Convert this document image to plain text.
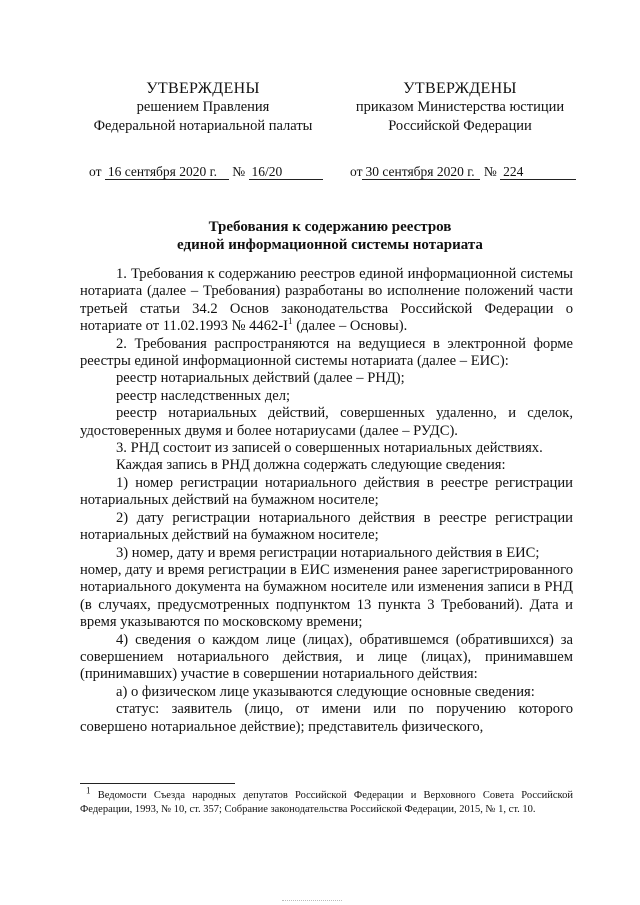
УТВЕРЖДЕНЫ
решением Правления
Федеральной нотариальной палаты
УТВЕРЖДЕНЫ
приказом Министерства юстиции
Российской Федерации
от 16 сентября 2020 г. № 16/20	от 30 сентября 2020 г. № 224
Требования к содержанию реестров
единой информационной системы нотариата

1. Требования к содержанию реестров единой информационной системы нотариата (далее – Требования) разработаны во исполнение положений части третьей статьи 34.2 Основ законодательства Российской Федерации о нотариате от 11.02.1993 № $4462-I^1$ (далее – Основы).

2. Требования распространяются на ведущиеся в электронной форме реестры единой информационной системы нотариата (далее – ЕИС):

реестр нотариальных действий (далее – РНД);

реестр наследственных дел;

реестр нотариальных действий, совершенных удаленно, и сделок, удостоверенных двумя и более нотариусами (далее – РУДС).

3. РНД состоит из записей о совершенных нотариальных действиях.

Каждая запись в РНД должна содержать следующие сведения:

1) номер регистрации нотариального действия в реестре регистрации нотариальных действий на бумажном носителе;

2) дату регистрации нотариального действия в реестре регистрации нотариальных действий на бумажном носителе;

3) номер, дату и время регистрации нотариального действия в ЕИС;

номер, дату и время регистрации в ЕИС изменения ранее зарегистрированного нотариального документа на бумажном носителе или изменения записи в РНД (в случаях, предусмотренных подпунктом 13 пункта 3 Требований). Дата и время указываются по московскому времени;

4) сведения о каждом лице (лицах), обратившемся (обратившихся) за совершением нотариального действия, и лице (лицах), принимавшем (принимавших) участие в совершении нотариального действия:

а) о физическом лице указываются следующие основные сведения:

статус: заявитель (лицо, от имени или по поручению которого совершено нотариальное действие); представитель физического,

$^1$ Ведомости Съезда народных депутатов Российской Федерации и Верховного Совета Российской Федерации, 1993, № 10, ст. 357; Собрание законодательства Российской Федерации, 2015, № 1, ст. 10.
